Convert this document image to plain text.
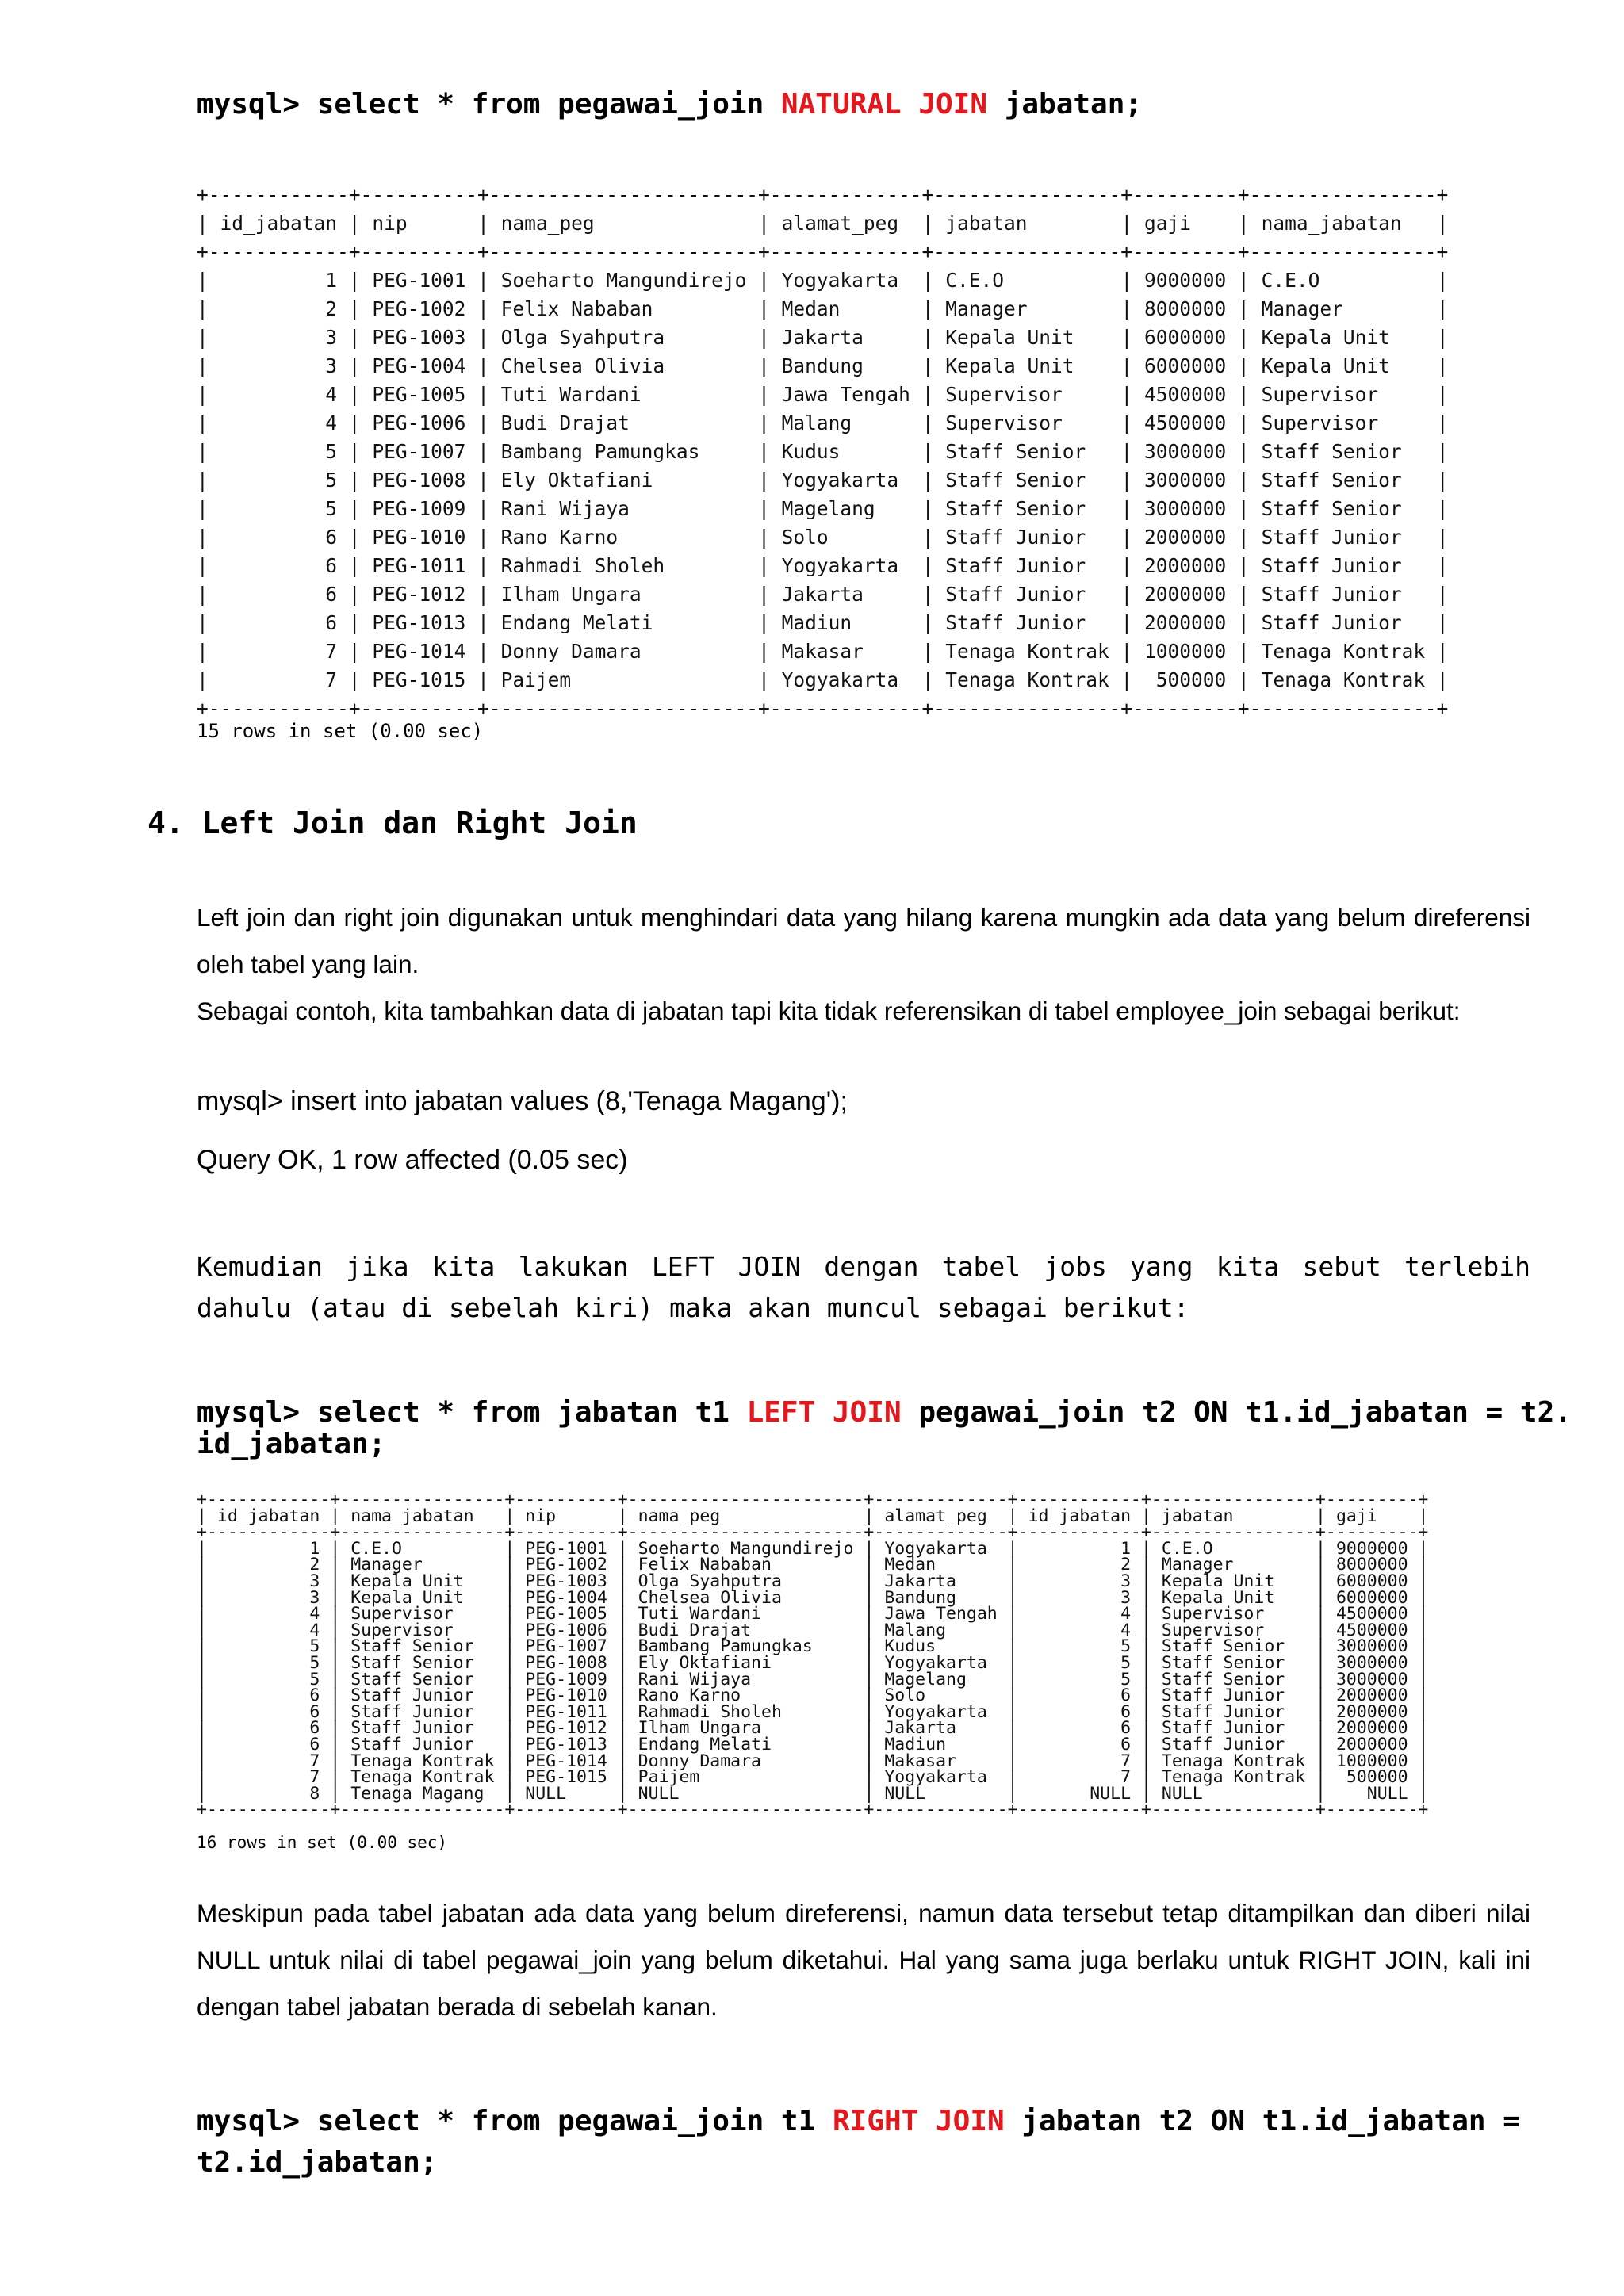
mysql> select * from pegawai_join NATURAL JOIN jabatan;
+------------+----------+-----------------------+-------------+----------------+---------+----------------+
| id_jabatan | nip      | nama_peg              | alamat_peg  | jabatan        | gaji    | nama_jabatan   |
+------------+----------+-----------------------+-------------+----------------+---------+----------------+
|          1 | PEG-1001 | Soeharto Mangundirejo | Yogyakarta  | C.E.O          | 9000000 | C.E.O          |
|          2 | PEG-1002 | Felix Nababan         | Medan       | Manager        | 8000000 | Manager        |
|          3 | PEG-1003 | Olga Syahputra        | Jakarta     | Kepala Unit    | 6000000 | Kepala Unit    |
|          3 | PEG-1004 | Chelsea Olivia        | Bandung     | Kepala Unit    | 6000000 | Kepala Unit    |
|          4 | PEG-1005 | Tuti Wardani          | Jawa Tengah | Supervisor     | 4500000 | Supervisor     |
|          4 | PEG-1006 | Budi Drajat           | Malang      | Supervisor     | 4500000 | Supervisor     |
|          5 | PEG-1007 | Bambang Pamungkas     | Kudus       | Staff Senior   | 3000000 | Staff Senior   |
|          5 | PEG-1008 | Ely Oktafiani         | Yogyakarta  | Staff Senior   | 3000000 | Staff Senior   |
|          5 | PEG-1009 | Rani Wijaya           | Magelang    | Staff Senior   | 3000000 | Staff Senior   |
|          6 | PEG-1010 | Rano Karno            | Solo        | Staff Junior   | 2000000 | Staff Junior   |
|          6 | PEG-1011 | Rahmadi Sholeh        | Yogyakarta  | Staff Junior   | 2000000 | Staff Junior   |
|          6 | PEG-1012 | Ilham Ungara          | Jakarta     | Staff Junior   | 2000000 | Staff Junior   |
|          6 | PEG-1013 | Endang Melati         | Madiun      | Staff Junior   | 2000000 | Staff Junior   |
|          7 | PEG-1014 | Donny Damara          | Makasar     | Tenaga Kontrak | 1000000 | Tenaga Kontrak |
|          7 | PEG-1015 | Paijem                | Yogyakarta  | Tenaga Kontrak |  500000 | Tenaga Kontrak |
+------------+----------+-----------------------+-------------+----------------+---------+----------------+

15 rows in set (0.00 sec)

4. Left Join dan Right Join

Left join dan right join digunakan untuk menghindari data yang hilang karena mungkin ada data yang belum direferensi oleh tabel yang lain.

Sebagai contoh, kita tambahkan data di jabatan tapi kita tidak referensikan di tabel employee_join sebagai berikut:

mysql> insert into jabatan values (8,'Tenaga Magang');

Query OK, 1 row affected (0.05 sec)

Kemudian jika kita lakukan LEFT JOIN dengan tabel jobs yang kita sebut terlebih dahulu (atau di sebelah kiri) maka akan muncul sebagai berikut:

mysql> select * from jabatan t1 LEFT JOIN pegawai_join t2 ON t1.id_jabatan = t2.
id_jabatan;
+------------+----------------+----------+-----------------------+-------------+------------+----------------+---------+
| id_jabatan | nama_jabatan   | nip      | nama_peg              | alamat_peg  | id_jabatan | jabatan        | gaji    |
+------------+----------------+----------+-----------------------+-------------+------------+----------------+---------+
|          1 | C.E.O          | PEG-1001 | Soeharto Mangundirejo | Yogyakarta  |          1 | C.E.O          | 9000000 |
|          2 | Manager        | PEG-1002 | Felix Nababan         | Medan       |          2 | Manager        | 8000000 |
|          3 | Kepala Unit    | PEG-1003 | Olga Syahputra        | Jakarta     |          3 | Kepala Unit    | 6000000 |
|          3 | Kepala Unit    | PEG-1004 | Chelsea Olivia        | Bandung     |          3 | Kepala Unit    | 6000000 |
|          4 | Supervisor     | PEG-1005 | Tuti Wardani          | Jawa Tengah |          4 | Supervisor     | 4500000 |
|          4 | Supervisor     | PEG-1006 | Budi Drajat           | Malang      |          4 | Supervisor     | 4500000 |
|          5 | Staff Senior   | PEG-1007 | Bambang Pamungkas     | Kudus       |          5 | Staff Senior   | 3000000 |
|          5 | Staff Senior   | PEG-1008 | Ely Oktafiani         | Yogyakarta  |          5 | Staff Senior   | 3000000 |
|          5 | Staff Senior   | PEG-1009 | Rani Wijaya           | Magelang    |          5 | Staff Senior   | 3000000 |
|          6 | Staff Junior   | PEG-1010 | Rano Karno            | Solo        |          6 | Staff Junior   | 2000000 |
|          6 | Staff Junior   | PEG-1011 | Rahmadi Sholeh        | Yogyakarta  |          6 | Staff Junior   | 2000000 |
|          6 | Staff Junior   | PEG-1012 | Ilham Ungara          | Jakarta     |          6 | Staff Junior   | 2000000 |
|          6 | Staff Junior   | PEG-1013 | Endang Melati         | Madiun      |          6 | Staff Junior   | 2000000 |
|          7 | Tenaga Kontrak | PEG-1014 | Donny Damara          | Makasar     |          7 | Tenaga Kontrak | 1000000 |
|          7 | Tenaga Kontrak | PEG-1015 | Paijem                | Yogyakarta  |          7 | Tenaga Kontrak |  500000 |
|          8 | Tenaga Magang  | NULL     | NULL                  | NULL        |       NULL | NULL           |    NULL |
+------------+----------------+----------+-----------------------+-------------+------------+----------------+---------+

16 rows in set (0.00 sec)

Meskipun pada tabel jabatan ada data yang belum direferensi, namun data tersebut tetap ditampilkan dan diberi nilai NULL untuk nilai di tabel pegawai_join yang belum diketahui. Hal yang sama juga berlaku untuk RIGHT JOIN, kali ini dengan tabel jabatan berada di sebelah kanan.

mysql> select * from pegawai_join t1 RIGHT JOIN jabatan t2 ON t1.id_jabatan =
t2.id_jabatan;
